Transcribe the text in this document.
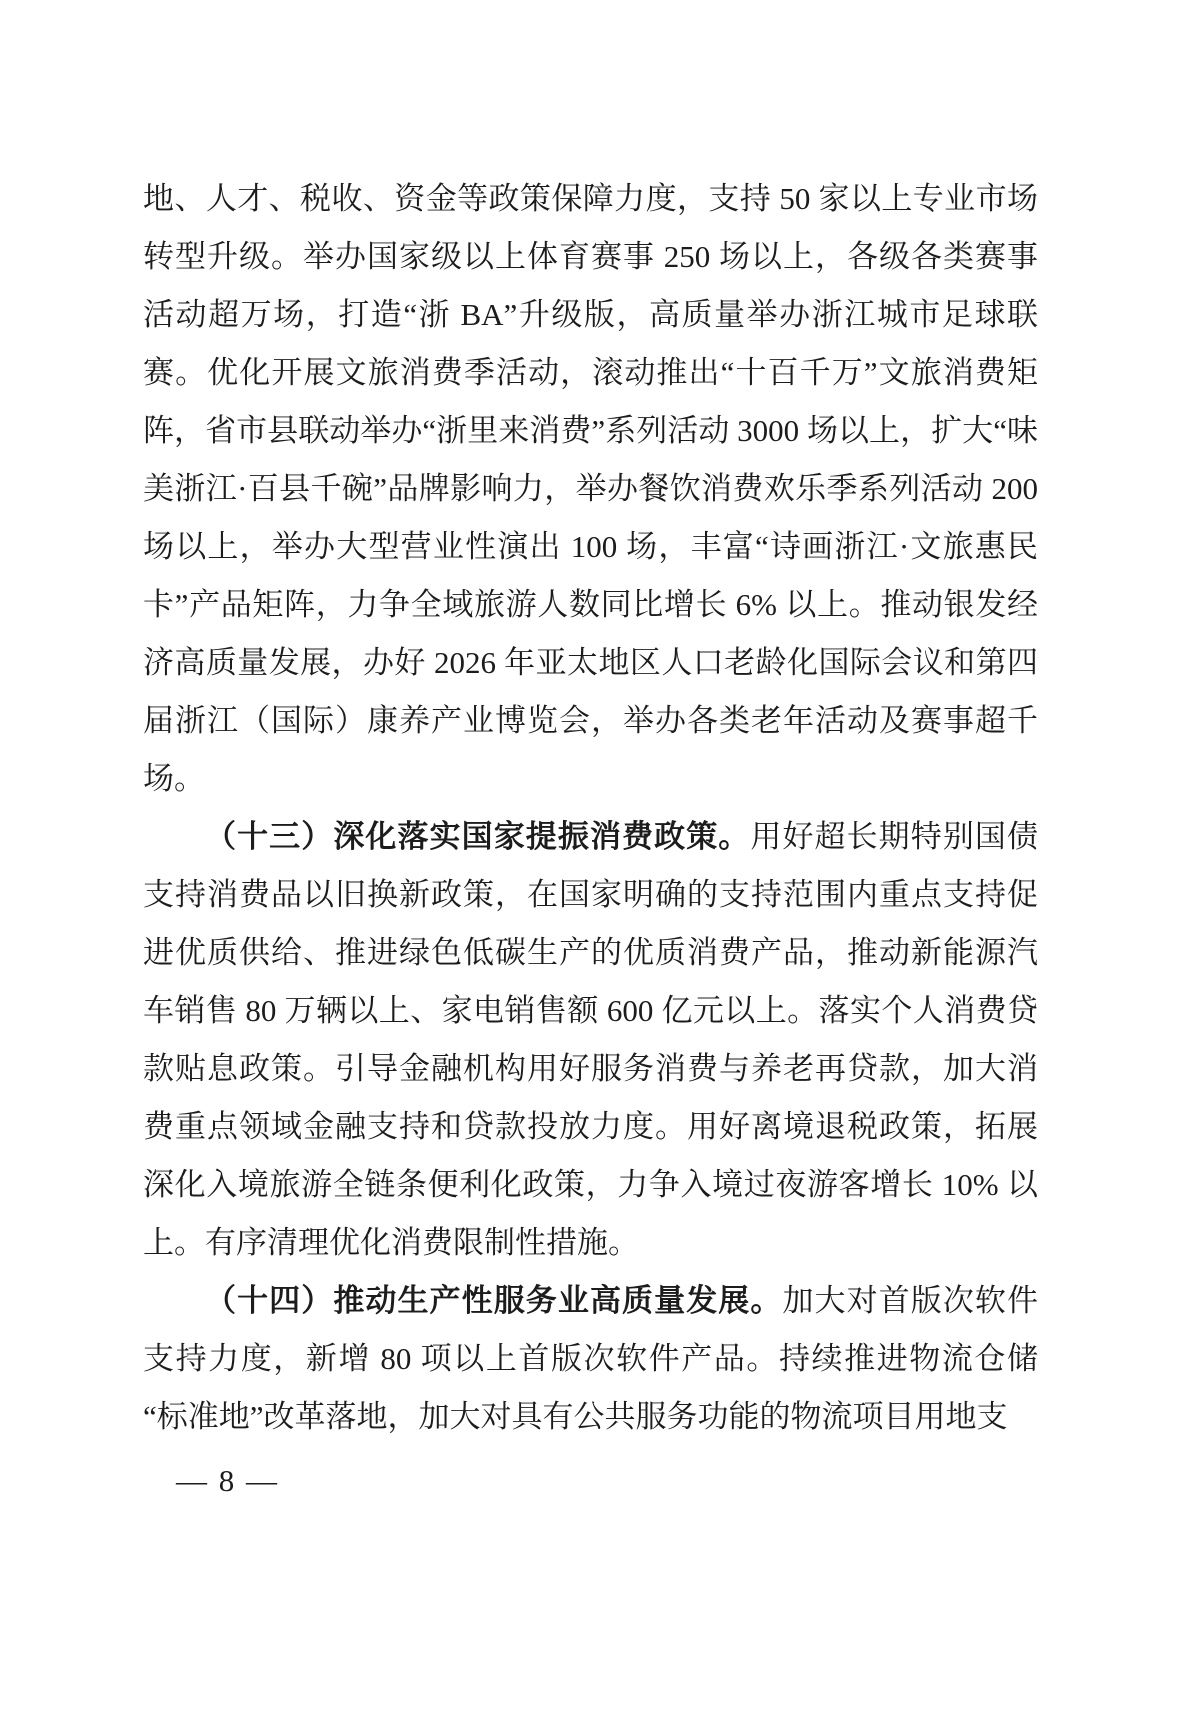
地、人才、税收、资金等政策保障力度，支持 50 家以上专业市场转型升级。举办国家级以上体育赛事 250 场以上，各级各类赛事活动超万场，打造“浙 BA”升级版，高质量举办浙江城市足球联赛。优化开展文旅消费季活动，滚动推出“十百千万”文旅消费矩阵，省市县联动举办“浙里来消费”系列活动 3000 场以上，扩大“味美浙江·百县千碗”品牌影响力，举办餐饮消费欢乐季系列活动 200 场以上，举办大型营业性演出 100 场，丰富“诗画浙江·文旅惠民卡”产品矩阵，力争全域旅游人数同比增长 6% 以上。推动银发经济高质量发展，办好 2026 年亚太地区人口老龄化国际会议和第四届浙江（国际）康养产业博览会，举办各类老年活动及赛事超千场。

（十三）深化落实国家提振消费政策。用好超长期特别国债支持消费品以旧换新政策，在国家明确的支持范围内重点支持促进优质供给、推进绿色低碳生产的优质消费产品，推动新能源汽车销售 80 万辆以上、家电销售额 600 亿元以上。落实个人消费贷款贴息政策。引导金融机构用好服务消费与养老再贷款，加大消费重点领域金融支持和贷款投放力度。用好离境退税政策，拓展深化入境旅游全链条便利化政策，力争入境过夜游客增长 10% 以上。有序清理优化消费限制性措施。

（十四）推动生产性服务业高质量发展。加大对首版次软件支持力度，新增 80 项以上首版次软件产品。持续推进物流仓储“标准地”改革落地，加大对具有公共服务功能的物流项目用地支

— 8 —
